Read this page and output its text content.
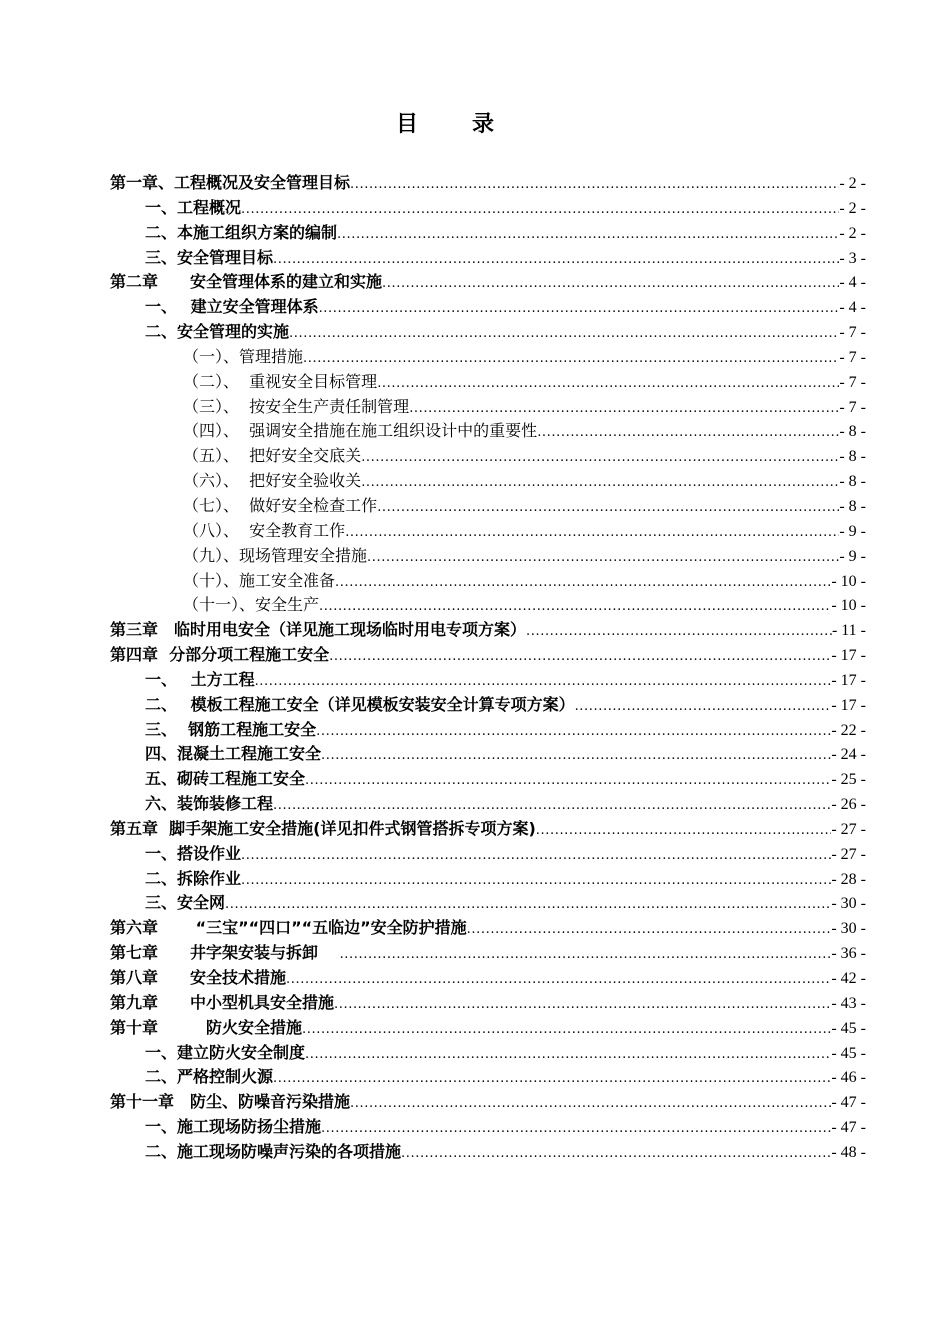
目 录
第一章、工程概况及安全管理目标 .....	- 2 -
一、工程概况 .....	- 2 -
二、本施工组织方案的编制 .....	- 2 -
三、安全管理目标 .....	- 3 -
第二章　　安全管理体系的建立和实施 .....	- 4 -
一、　 建立安全管理体系 .....	- 4 -
二、安全管理的实施 .....	- 7 -
（一）、管理措施 .....	- 7 -
（二）、  重视安全目标管理 .....	- 7 -
（三）、  按安全生产责任制管理 .....	- 7 -
（四）、  强调安全措施在施工组织设计中的重要性 .....	- 8 -
（五）、  把好安全交底关 .....	- 8 -
（六）、  把好安全验收关 .....	- 8 -
（七）、  做好安全检查工作 .....	- 8 -
（八）、  安全教育工作 .....	- 9 -
（九）、现场管理安全措施 .....	- 9 -
（十）、施工安全准备 .....	- 10 -
（十一）、安全生产 .....	- 10 -
第三章　临时用电安全（详见施工现场临时用电专项方案） .....	- 11 -
第四章  分部分项工程施工安全 .....	- 17 -
一、　 土方工程 .....	- 17 -
二、　 模板工程施工安全（详见模板安装安全计算专项方案） .....	- 17 -
三、  钢筋工程施工安全 .....	- 22 -
四、混凝土工程施工安全 .....	- 24 -
五、砌砖工程施工安全 .....	- 25 -
六、装饰装修工程 .....	- 26 -
第五章  脚手架施工安全措施(详见扣件式钢管搭拆专项方案) .....	- 27 -
一、搭设作业 .....	- 27 -
二、拆除作业 .....	- 28 -
三、安全网 .....	- 30 -
第六章　　 “三宝”“四口”“五临边”安全防护措施 .....	- 30 -
第七章　　井字架安装与拆卸　 .....	- 36 -
第八章　　安全技术措施 .....	- 42 -
第九章　　中小型机具安全措施 .....	- 43 -
第十章　　　防火安全措施 .....	- 45 -
一、建立防火安全制度 .....	- 45 -
二、严格控制火源 .....	- 46 -
第十一章　防尘、防噪音污染措施 .....	- 47 -
一、施工现场防扬尘措施 .....	- 47 -
二、施工现场防噪声污染的各项措施 .....	- 48 -
